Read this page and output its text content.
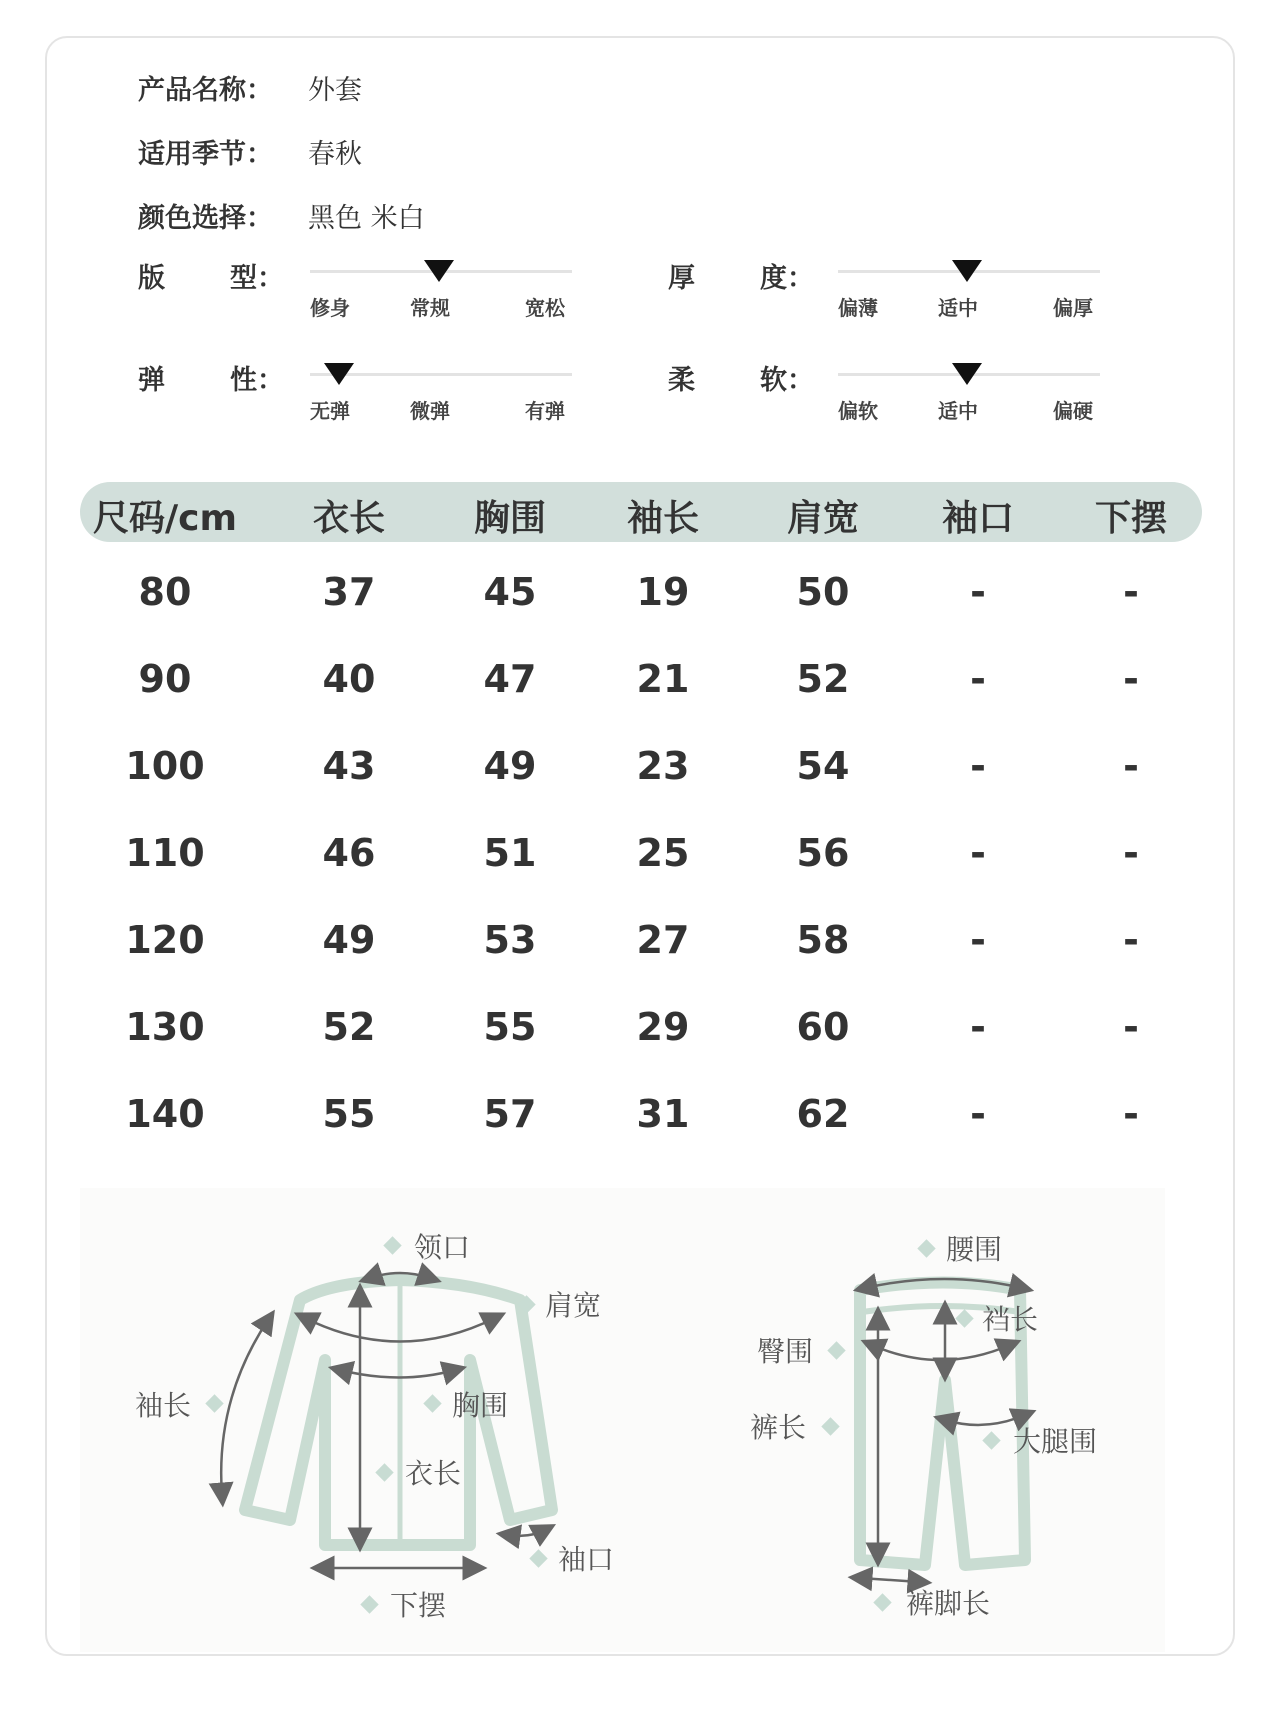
产品名称： 外套
适用季节： 春秋
颜色选择： 黑色 米白
版 型：
修身	常规	宽松
厚 度：
偏薄	适中	偏厚
弹 性：
无弹	微弹	有弹
柔 软：
偏软	适中	偏硬
尺码/cm	衣长	胸围	袖长	肩宽	袖口	下摆
80	37	45	19	50	-	-
90	40	47	21	52	-	-
100	43	49	23	54	-	-
110	46	51	25	56	-	-
120	49	53	27	58	-	-
130	52	55	29	60	-	-
140	55	57	31	62	-	-
领口
肩宽
袖长	胸围
衣长
袖口
下摆
腰围
裆长
臀围
裤长	大腿围
裤脚长
